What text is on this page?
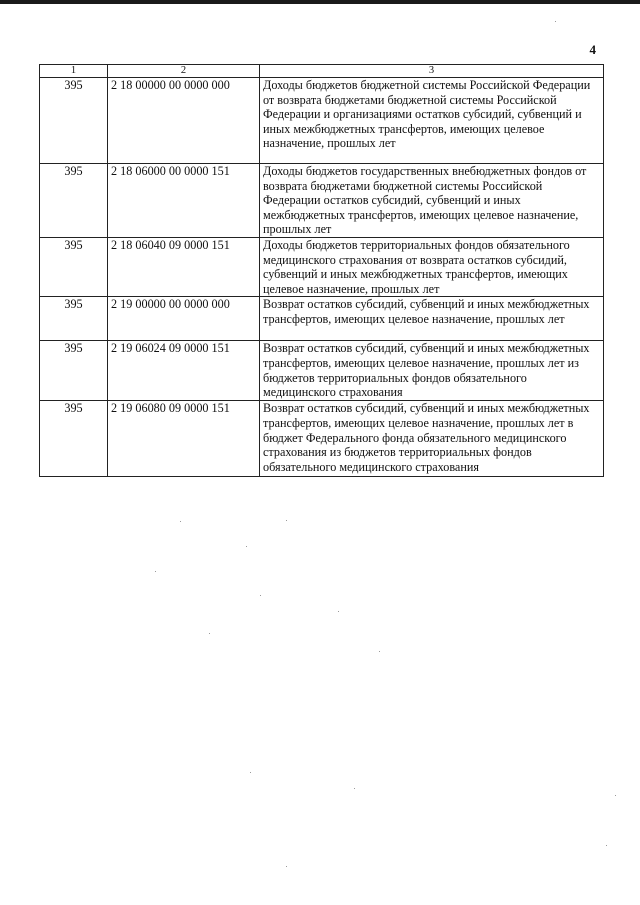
4
1	2	3
395	2 18 00000 00 0000 000	Доходы бюджетов бюджетной системы Российской Федерации от возврата бюджетами бюджетной системы Российской Федерации и организациями остатков субсидий, субвенций и иных межбюджетных трансфертов, имеющих целевое назначение, прошлых лет
395	2 18 06000 00 0000 151	Доходы бюджетов государственных внебюджетных фондов от возврата бюджетами бюджетной системы Российской Федерации остатков субсидий, субвенций и иных межбюджетных трансфертов, имеющих целевое назначение, прошлых лет
395	2 18 06040 09 0000 151	Доходы бюджетов территориальных фондов обязательного медицинского страхования от возврата остатков субсидий, субвенций и иных межбюджетных трансфертов, имеющих целевое назначение, прошлых лет
395	2 19 00000 00 0000 000	Возврат остатков субсидий, субвенций и иных межбюджетных трансфертов, имеющих целевое назначение, прошлых лет
395	2 19 06024 09 0000 151	Возврат остатков субсидий, субвенций и иных межбюджетных трансфертов, имеющих целевое назначение, прошлых лет из бюджетов территориальных фондов обязательного медицинского страхования
395	2 19 06080 09 0000 151	Возврат остатков субсидий, субвенций и иных межбюджетных трансфертов, имеющих целевое назначение, прошлых лет в бюджет Федерального фонда обязательного медицинского страхования из бюджетов территориальных фондов обязательного медицинского страхования
